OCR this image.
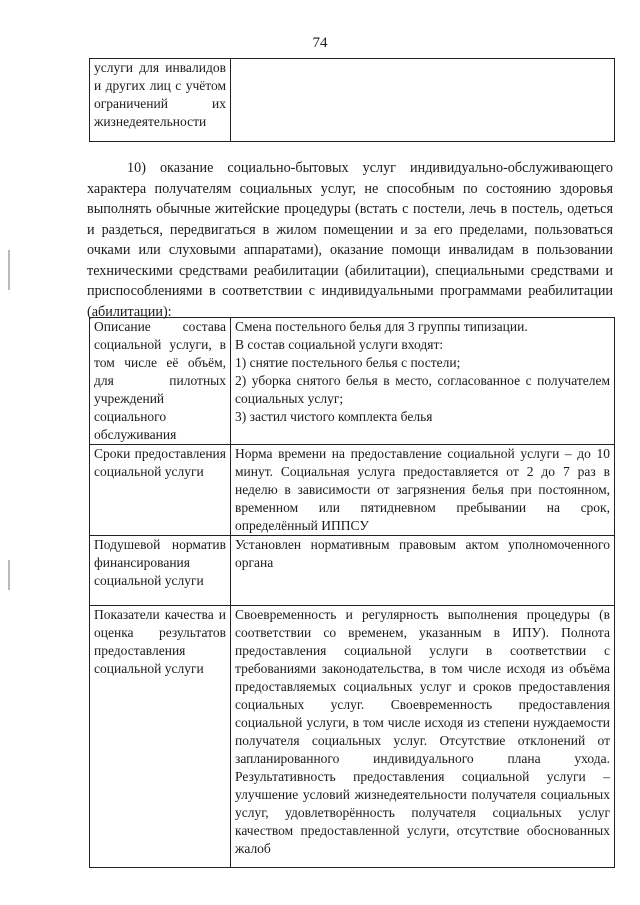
74
услуги для инвалидов и других лиц с учётом ограничений их жизнедеятельности	

10) оказание социально-бытовых услуг индивидуально-обслуживающего характера получателям социальных услуг, не способным по состоянию здоровья выполнять обычные житейские процедуры (встать с постели, лечь в постель, одеться и раздеться, передвигаться в жилом помещении и за его пределами, пользоваться очками или слуховыми аппаратами), оказание помощи инвалидам в пользовании техническими средствами реабилитации (абилитации), специальными средствами и приспособлениями в соответствии с индивидуальными программами реабилитации (абилитации):

Описание состава социальной услуги, в том числе её объём, для пилотных учреждений социального обслуживания	Смена постельного белья для 3 группы типизации.
В состав социальной услуги входят:
1) снятие постельного белья с постели;
2) уборка снятого белья в место, согласованное с получателем социальных услуг;
3) застил чистого комплекта белья

Сроки предоставления социальной услуги	Норма времени на предоставление социальной услуги – до 10 минут. Социальная услуга предоставляется от 2 до 7 раз в неделю в зависимости от загрязнения белья при постоянном, временном или пятидневном пребывании на срок, определённый ИППСУ
Подушевой норматив финансирования социальной услуги	Установлен нормативным правовым актом уполномоченного органа
Показатели качества и оценка результатов предоставления социальной услуги	Своевременность и регулярность выполнения процедуры (в соответствии со временем, указанным в ИПУ). Полнота предоставления социальной услуги в соответствии с требованиями законодательства, в том числе исходя из объёма предоставляемых социальных услуг и сроков предоставления социальных услуг. Своевременность предоставления социальной услуги, в том числе исходя из степени нуждаемости получателя социальных услуг. Отсутствие отклонений от запланированного индивидуального плана ухода. Результативность предоставления социальной услуги – улучшение условий жизнедеятельности получателя социальных услуг, удовлетворённость получателя социальных услуг качеством предоставленной услуги, отсутствие обоснованных жалоб
